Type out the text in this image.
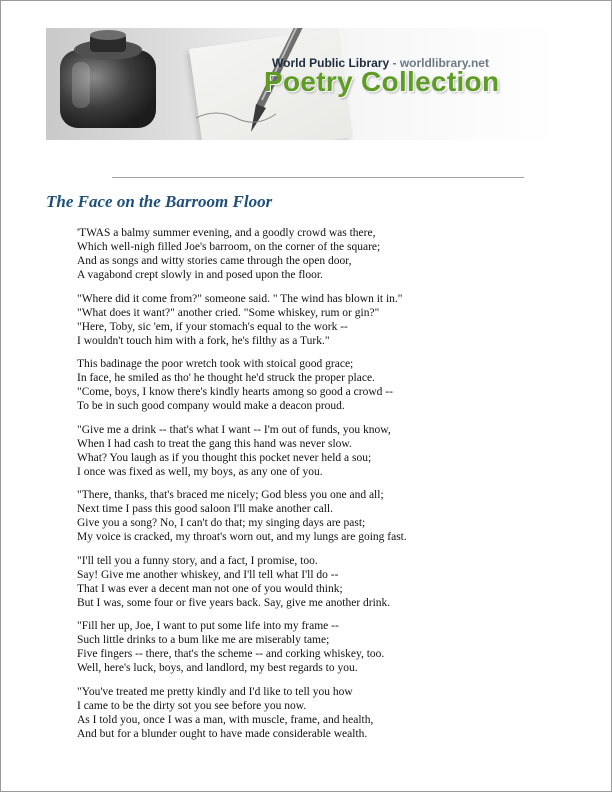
World Public Library - worldlibrary.net
Poetry Collection
The Face on the Barroom Floor

'TWAS a balmy summer evening, and a goodly crowd was there,
Which well-nigh filled Joe's barroom, on the corner of the square;
And as songs and witty stories came through the open door,
A vagabond crept slowly in and posed upon the floor.

"Where did it come from?" someone said. " The wind has blown it in."
"What does it want?" another cried. "Some whiskey, rum or gin?"
"Here, Toby, sic 'em, if your stomach's equal to the work --
I wouldn't touch him with a fork, he's filthy as a Turk."

This badinage the poor wretch took with stoical good grace;
In face, he smiled as tho' he thought he'd struck the proper place.
"Come, boys, I know there's kindly hearts among so good a crowd --
To be in such good company would make a deacon proud.

"Give me a drink -- that's what I want -- I'm out of funds, you know,
When I had cash to treat the gang this hand was never slow.
What? You laugh as if you thought this pocket never held a sou;
I once was fixed as well, my boys, as any one of you.

"There, thanks, that's braced me nicely; God bless you one and all;
Next time I pass this good saloon I'll make another call.
Give you a song? No, I can't do that; my singing days are past;
My voice is cracked, my throat's worn out, and my lungs are going fast.

"I'll tell you a funny story, and a fact, I promise, too.
Say! Give me another whiskey, and I'll tell what I'll do --
That I was ever a decent man not one of you would think;
But I was, some four or five years back. Say, give me another drink.

"Fill her up, Joe, I want to put some life into my frame --
Such little drinks to a bum like me are miserably tame;
Five fingers -- there, that's the scheme -- and corking whiskey, too.
Well, here's luck, boys, and landlord, my best regards to you.

"You've treated me pretty kindly and I'd like to tell you how
I came to be the dirty sot you see before you now.
As I told you, once I was a man, with muscle, frame, and health,
And but for a blunder ought to have made considerable wealth.
